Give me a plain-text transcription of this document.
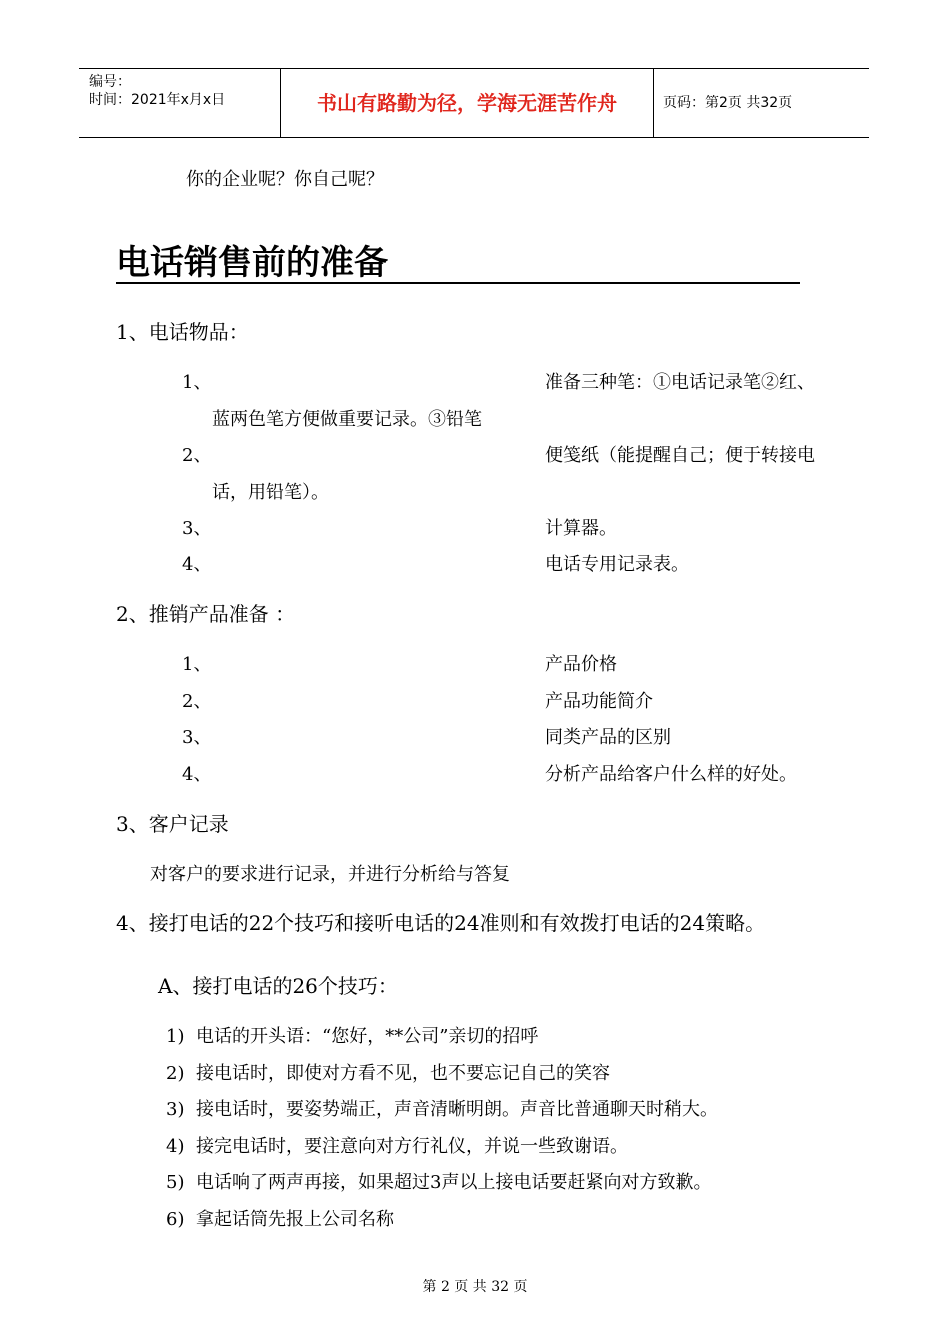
编号：
时间：2021年x月x日	书山有路勤为径，学海无涯苦作舟	页码：第2页 共32页
你的企业呢？你自己呢？
电话销售前的准备
1、电话物品：
1、	准备三种笔：①电话记录笔②红、
蓝两色笔方便做重要记录。③铅笔
2、	便笺纸（能提醒自己；便于转接电
话，用铅笔）。
3、	计算器。
4、	电话专用记录表。
2、推销产品准备 ：
1、	产品价格
2、	产品功能简介
3、	同类产品的区别
4、	分析产品给客户什么样的好处。
3、客户记录
对客户的要求进行记录，并进行分析给与答复
4、接打电话的22个技巧和接听电话的24准则和有效拨打电话的24策略。
A、接打电话的26个技巧：
1) 电话的开头语：“您好，**公司”亲切的招呼
2) 接电话时，即使对方看不见，也不要忘记自己的笑容
3) 接电话时，要姿势端正，声音清晰明朗。声音比普通聊天时稍大。
4) 接完电话时，要注意向对方行礼仪，并说一些致谢语。
5) 电话响了两声再接，如果超过3声以上接电话要赶紧向对方致歉。
6) 拿起话筒先报上公司名称
第 2 页 共 32 页
